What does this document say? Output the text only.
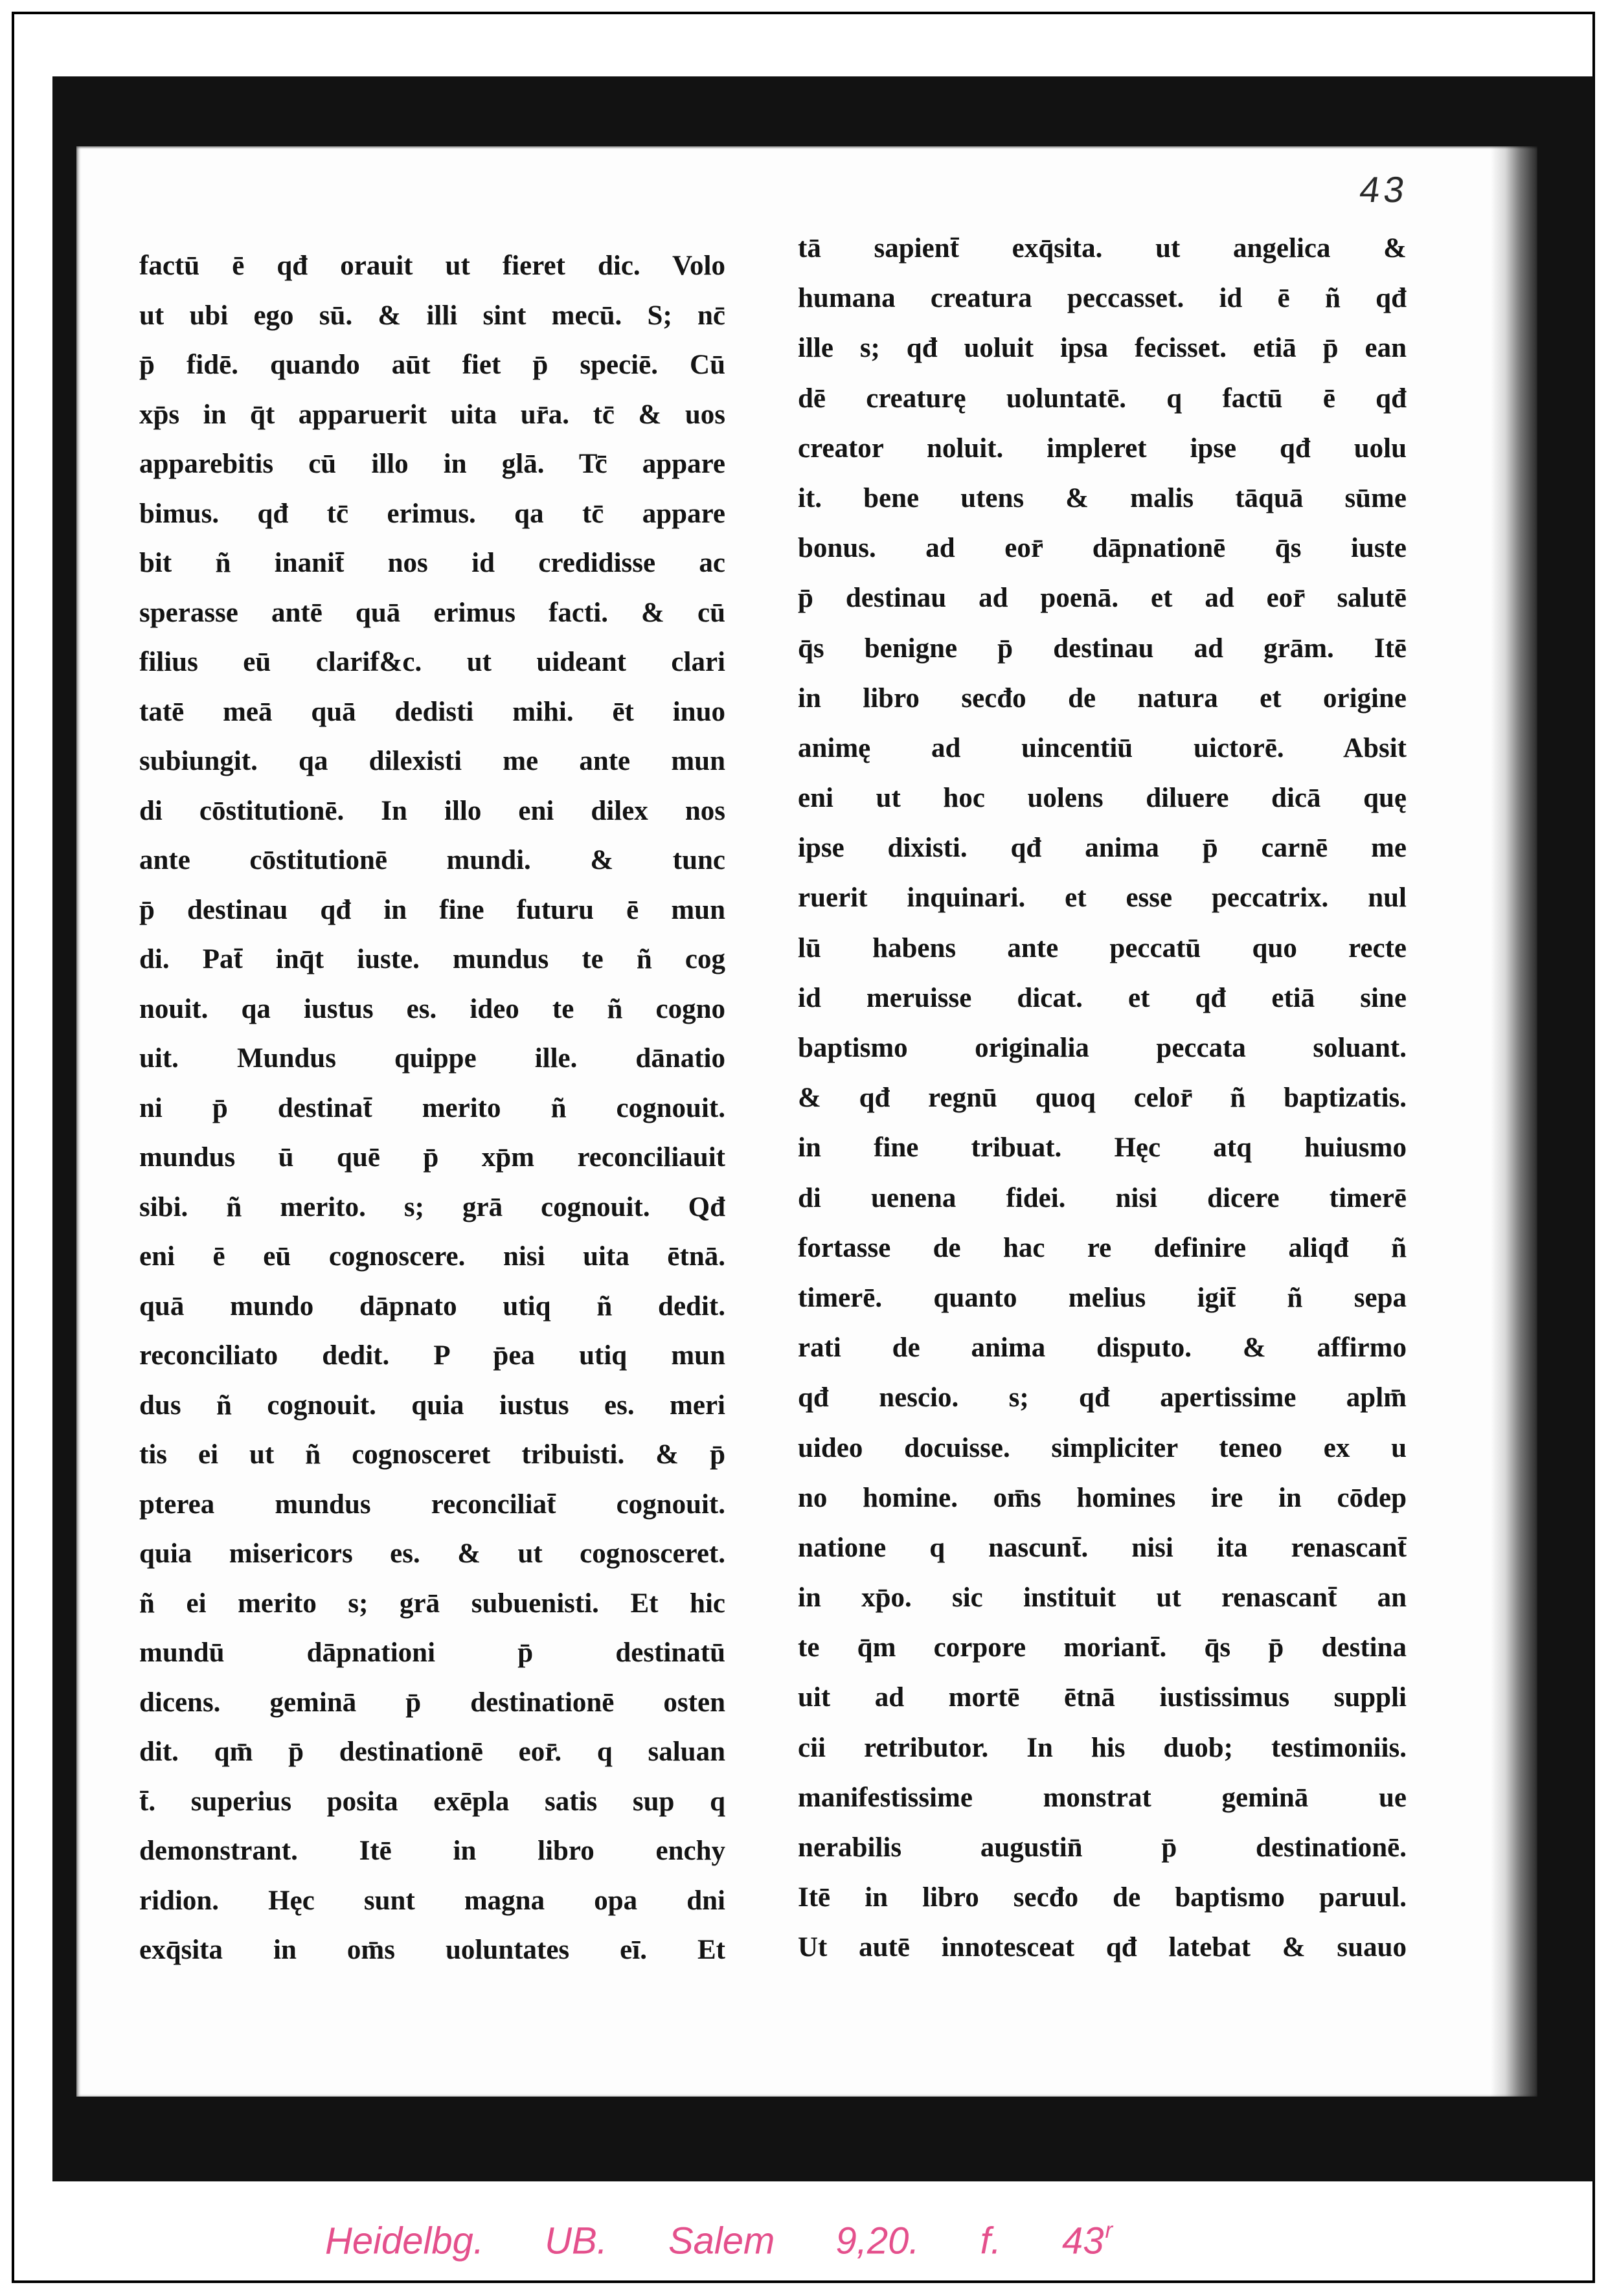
43
factū ē qđ orauit ut fieret dic. Volo
ut ubi ego sū. & illi sint mecū. S; nc̄
p̄ fidē. quando aūt fiet p̄ speciē. Cū
xp̄s in q̄t apparuerit uita ur̄a. tc̄ & uos
apparebitis cū illo in glā. Tc̄ appare
bimus. qđ tc̄ erimus. qa tc̄ appare
bit ñ inanit̄ nos id credidisse ac
sperasse antē quā erimus facti. & cū
filius eū clarif&c. ut uideant clari
tatē meā quā dedisti mihi. ēt inuo
subiungit. qa dilexisti me ante mun
di cōstitutionē. In illo eni dilex nos
ante cōstitutionē mundi. & tunc
p̄ destinau qđ in fine futuru ē mun
di. Pat̄ inq̄t iuste. mundus te ñ cog
nouit. qa iustus es. ideo te ñ cogno
uit. Mundus quippe ille. dānatio
ni p̄ destinat̄ merito ñ cognouit.
mundus ū quē p̄ xp̄m reconciliauit
sibi. ñ merito. s; grā cognouit. Qđ
eni ē eū cognoscere. nisi uita ētnā.
quā mundo dāpnato utiq ñ dedit.
reconciliato dedit. P p̄ea utiq mun
dus ñ cognouit. quia iustus es. meri
tis ei ut ñ cognosceret tribuisti. & p̄
pterea mundus reconciliat̄ cognouit.
quia misericors es. & ut cognosceret.
ñ ei merito s; grā subuenisti. Et hic
mundū dāpnationi p̄ destinatū
dicens. geminā p̄ destinationē osten
dit. qm̄ p̄ destinationē eor̄. q saluan
t̄. superius posita exēpla satis sup q
demonstrant. Itē in libro enchy
ridion. Hęc sunt magna opa dni
exq̄sita in om̄s uoluntates eī. Et
tā sapient̄ exq̄sita. ut angelica &
humana creatura peccasset. id ē ñ qđ
ille s; qđ uoluit ipsa fecisset. etiā p̄ ean
dē creaturę uoluntatē. q factū ē qđ
creator noluit. impleret ipse qđ uolu
it. bene utens & malis tāquā sūme
bonus. ad eor̄ dāpnationē q̄s iuste
p̄ destinau ad poenā. et ad eor̄ salutē
q̄s benigne p̄ destinau ad grām. Itē
in libro secđo de natura et origine
animę ad uincentiū uictorē. Absit
eni ut hoc uolens diluere dicā quę
ipse dixisti. qđ anima p̄ carnē me
ruerit inquinari. et esse peccatrix. nul
lū habens ante peccatū quo recte
id meruisse dicat. et qđ etiā sine
baptismo originalia peccata soluant.
& qđ regnū quoq celor̄ ñ baptizatis.
in fine tribuat. Hęc atq huiusmo
di uenena fidei. nisi dicere timerē
fortasse de hac re definire aliqđ ñ
timerē. quanto melius igit̄ ñ sepa
rati de anima disputo. & affirmo
qđ nescio. s; qđ apertissime aplm̄
uideo docuisse. simpliciter teneo ex u
no homine. om̄s homines ire in cōdep
natione q nascunt̄. nisi ita renascant̄
in xp̄o. sic instituit ut renascant̄ an
te q̄m corpore moriant̄. q̄s p̄ destina
uit ad mortē ētnā iustissimus suppli
cii retributor. In his duob; testimoniis.
manifestissime monstrat geminā ue
nerabilis augustin̄ p̄ destinationē.
Itē in libro secđo de baptismo paruul.
Ut autē innotesceat qđ latebat & suauo
Heidelbg. UB. Salem 9,20. f. 43$^r$
